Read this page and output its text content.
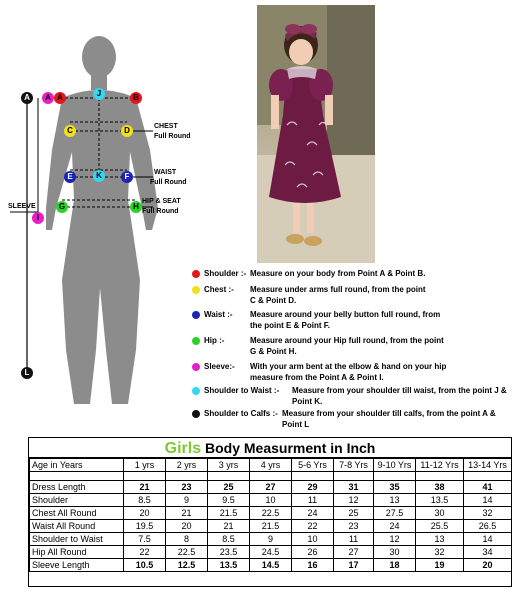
A	A A	J	B
C	D
E	K	F
I
G	H
L
CHEST
Full Round
WAIST
Full Round
HIP & SEAT
Full Round
SLEEVE
Shoulder :- Measure on your body from Point A & Point B.
Chest :- Measure under arms full round, from the point C & Point D.
Waist :- Measure around your belly button full round, from the point E & Point F.
Hip :-	Measure around your Hip full round, from the point G & Point H.
Sleeve:- With your arm bent at the elbow & hand on your hip measure from the Point A & Point I.
Shoulder to Waist :- Measure from your shoulder till waist, from the point J & Point K.
Shoulder to Calfs :- Measure from your shoulder till calfs, from the point A & Point L
Girls Body Measurment in Inch
Age in Years	1 yrs	2 yrs	3 yrs	4 yrs	5-6 Yrs	7-8 Yrs	9-10 Yrs	11-12 Yrs	13-14 Yrs

Dress Length	21	23	25	27	29	31	35	38	41
Shoulder	8.5	9	9.5	10	11	12	13	13.5	14
Chest All Round	20	21	21.5	22.5	24	25	27.5	30	32
Waist All Round	19.5	20	21	21.5	22	23	24	25.5	26.5
Shoulder to Waist	7.5	8	8.5	9	10	11	12	13	14
Hip All Round	22	22.5	23.5	24.5	26	27	30	32	34
Sleeve Length	10.5	12.5	13.5	14.5	16	17	18	19	20
